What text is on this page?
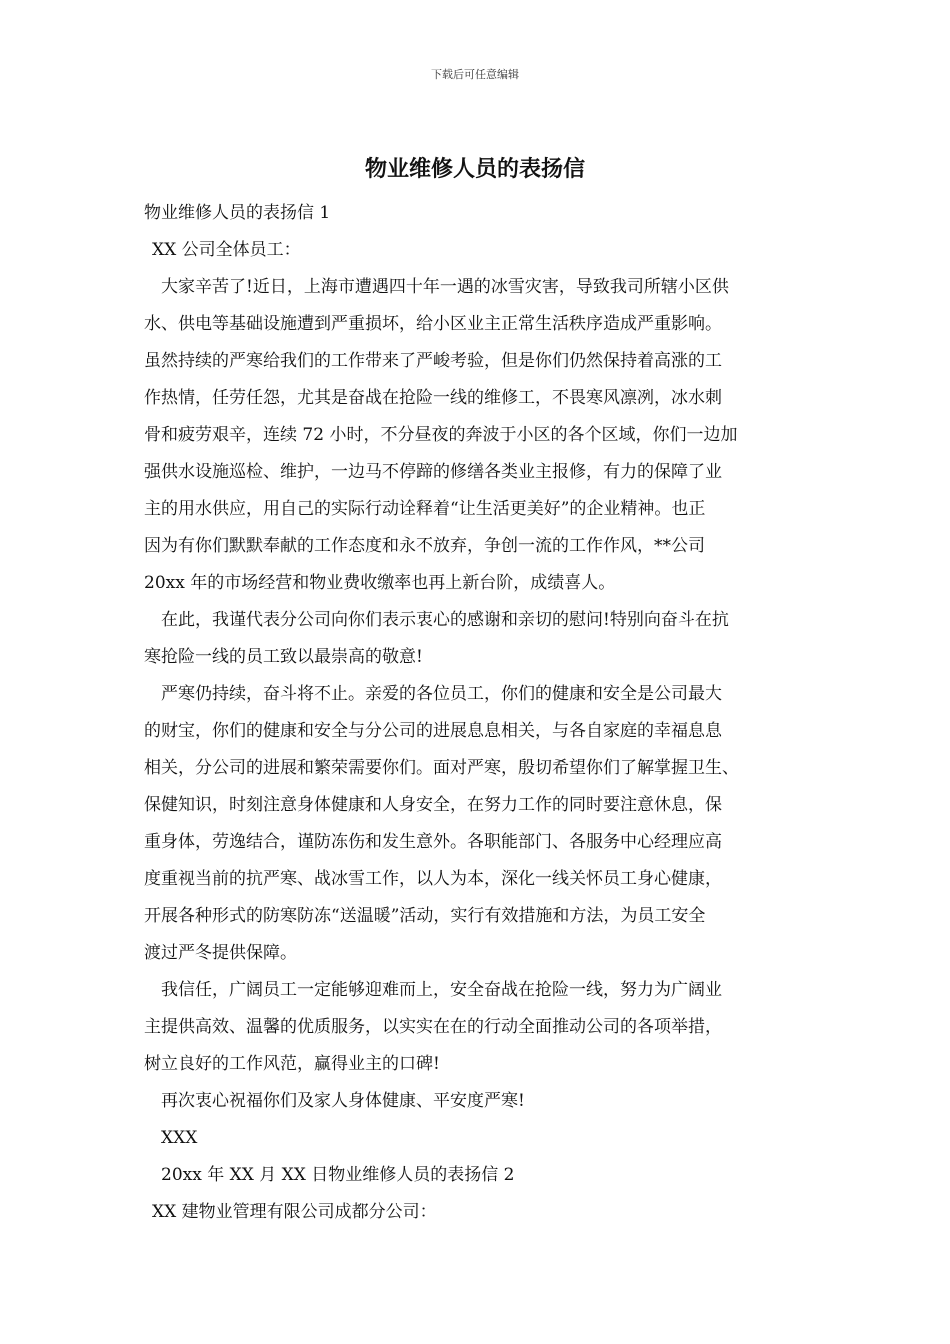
下载后可任意编辑
物业维修人员的表扬信
物业维修人员的表扬信 1
XX 公司全体员工：
大家辛苦了!近日，上海市遭遇四十年一遇的冰雪灾害，导致我司所辖小区供
水、供电等基础设施遭到严重损坏，给小区业主正常生活秩序造成严重影响。
虽然持续的严寒给我们的工作带来了严峻考验，但是你们仍然保持着高涨的工
作热情，任劳任怨，尤其是奋战在抢险一线的维修工，不畏寒风凛冽，冰水刺
骨和疲劳艰辛，连续 72 小时，不分昼夜的奔波于小区的各个区域，你们一边加
强供水设施巡检、维护，一边马不停蹄的修缮各类业主报修，有力的保障了业
主的用水供应，用自己的实际行动诠释着“让生活更美好”的企业精神。也正
因为有你们默默奉献的工作态度和永不放弃，争创一流的工作作风，**公司
20xx 年的市场经营和物业费收缴率也再上新台阶，成绩喜人。
在此，我谨代表分公司向你们表示衷心的感谢和亲切的慰问!特别向奋斗在抗
寒抢险一线的员工致以最崇高的敬意!
严寒仍持续，奋斗将不止。亲爱的各位员工，你们的健康和安全是公司最大
的财宝，你们的健康和安全与分公司的进展息息相关，与各自家庭的幸福息息
相关，分公司的进展和繁荣需要你们。面对严寒，殷切希望你们了解掌握卫生、
保健知识，时刻注意身体健康和人身安全，在努力工作的同时要注意休息，保
重身体，劳逸结合，谨防冻伤和发生意外。各职能部门、各服务中心经理应高
度重视当前的抗严寒、战冰雪工作，以人为本，深化一线关怀员工身心健康，
开展各种形式的防寒防冻“送温暖”活动，实行有效措施和方法，为员工安全
渡过严冬提供保障。
我信任，广阔员工一定能够迎难而上，安全奋战在抢险一线，努力为广阔业
主提供高效、温馨的优质服务，以实实在在的行动全面推动公司的各项举措，
树立良好的工作风范，赢得业主的口碑!
再次衷心祝福你们及家人身体健康、平安度严寒!
XXX
20xx 年 XX 月 XX 日物业维修人员的表扬信 2
XX 建物业管理有限公司成都分公司：
